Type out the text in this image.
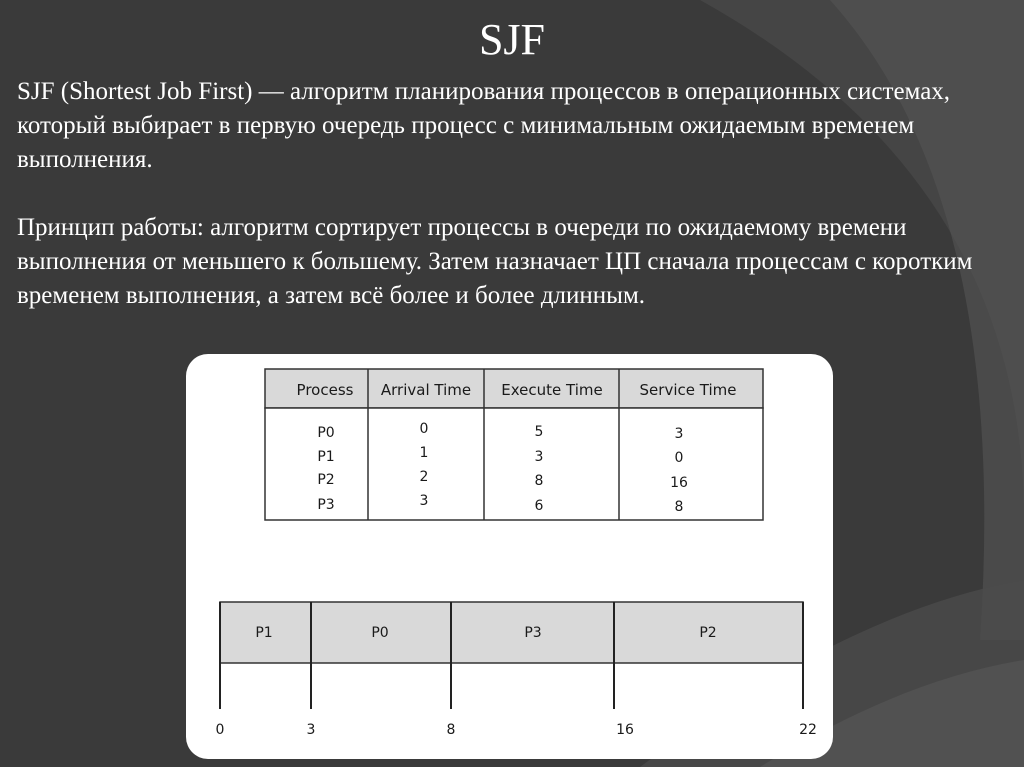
SJF

SJF (Shortest Job First) — алгоритм планирования процессов в операционных системах, который выбирает в первую очередь процесс с минимальным ожидаемым временем выполнения.

Принцип работы: алгоритм сортирует процессы в очереди по ожидаемому времени выполнения от меньшего к большему. Затем назначает ЦП сначала процессам с коротким временем выполнения, а затем всё более и более длинным.

Process Arrival Time Execute Time Service Time
P0	0	5	3
P1	1	3	0
P2	2	8	16
P3	3	6	8
P1	P0	P3	P2
0	3	8	16	22
